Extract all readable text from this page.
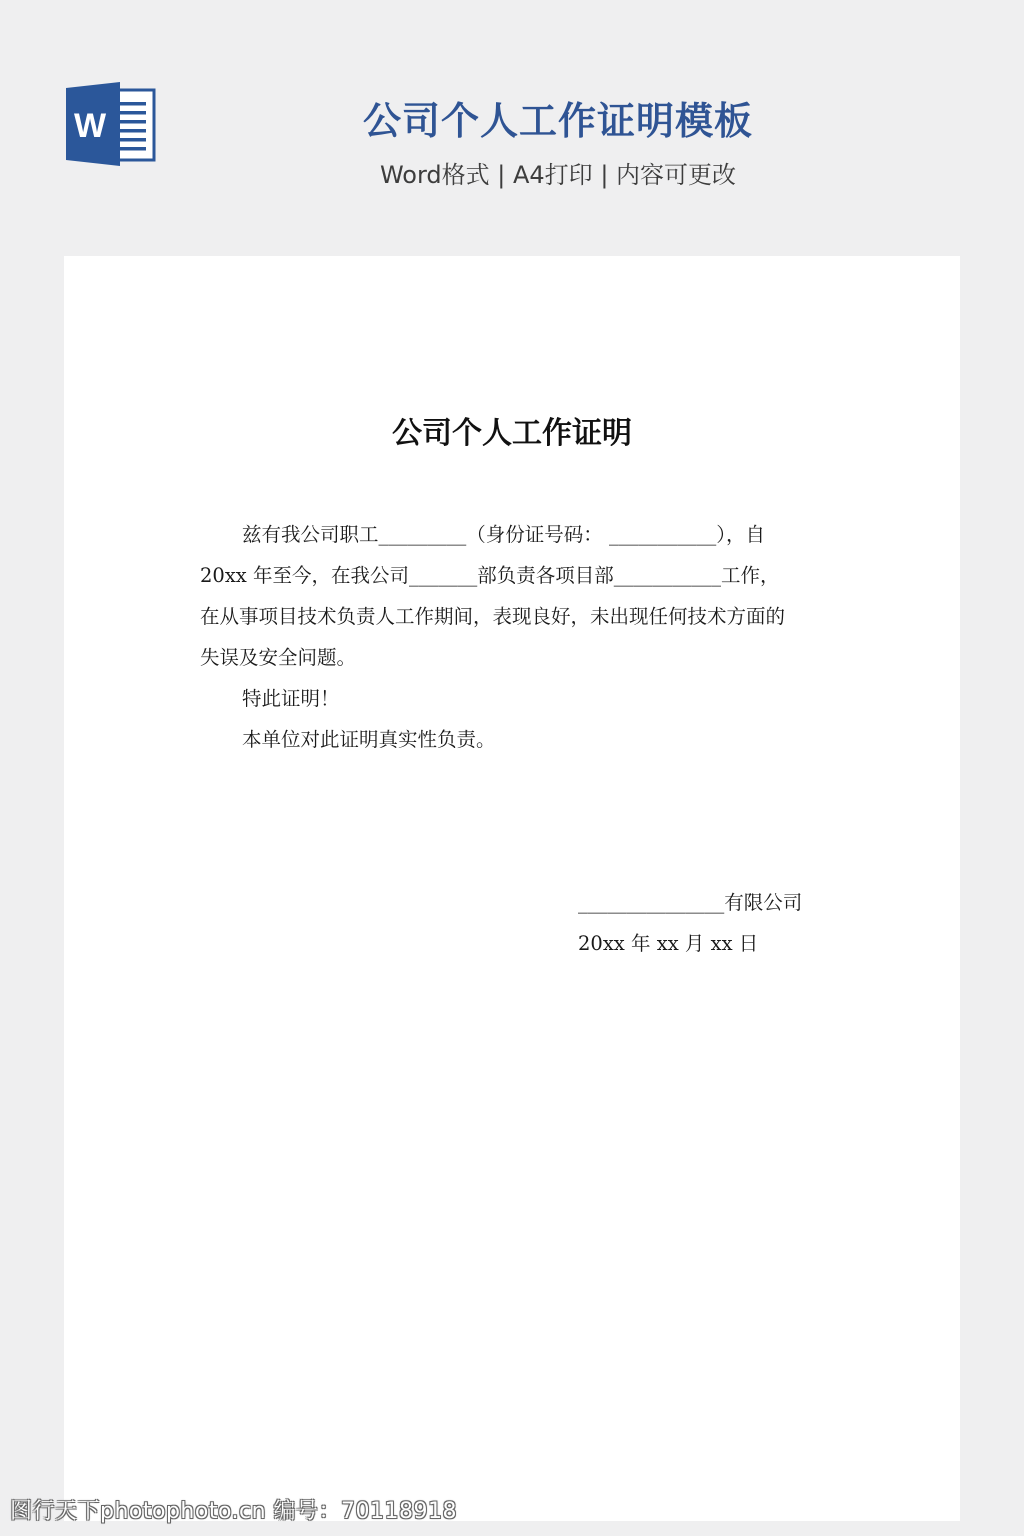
W	公司个人工作证明模板
Word格式 | A4打印 | 内容可更改
公司个人工作证明
兹有我公司职工_________（身份证号码： ___________），自
20xx 年至今，在我公司_______部负责各项目部___________工作，
在从事项目技术负责人工作期间，表现良好，未出现任何技术方面的
失误及安全问题。
特此证明！
本单位对此证明真实性负责。
_______________有限公司
20xx 年 xx 月 xx 日
图行天下photophoto.cn 编号：70118918
